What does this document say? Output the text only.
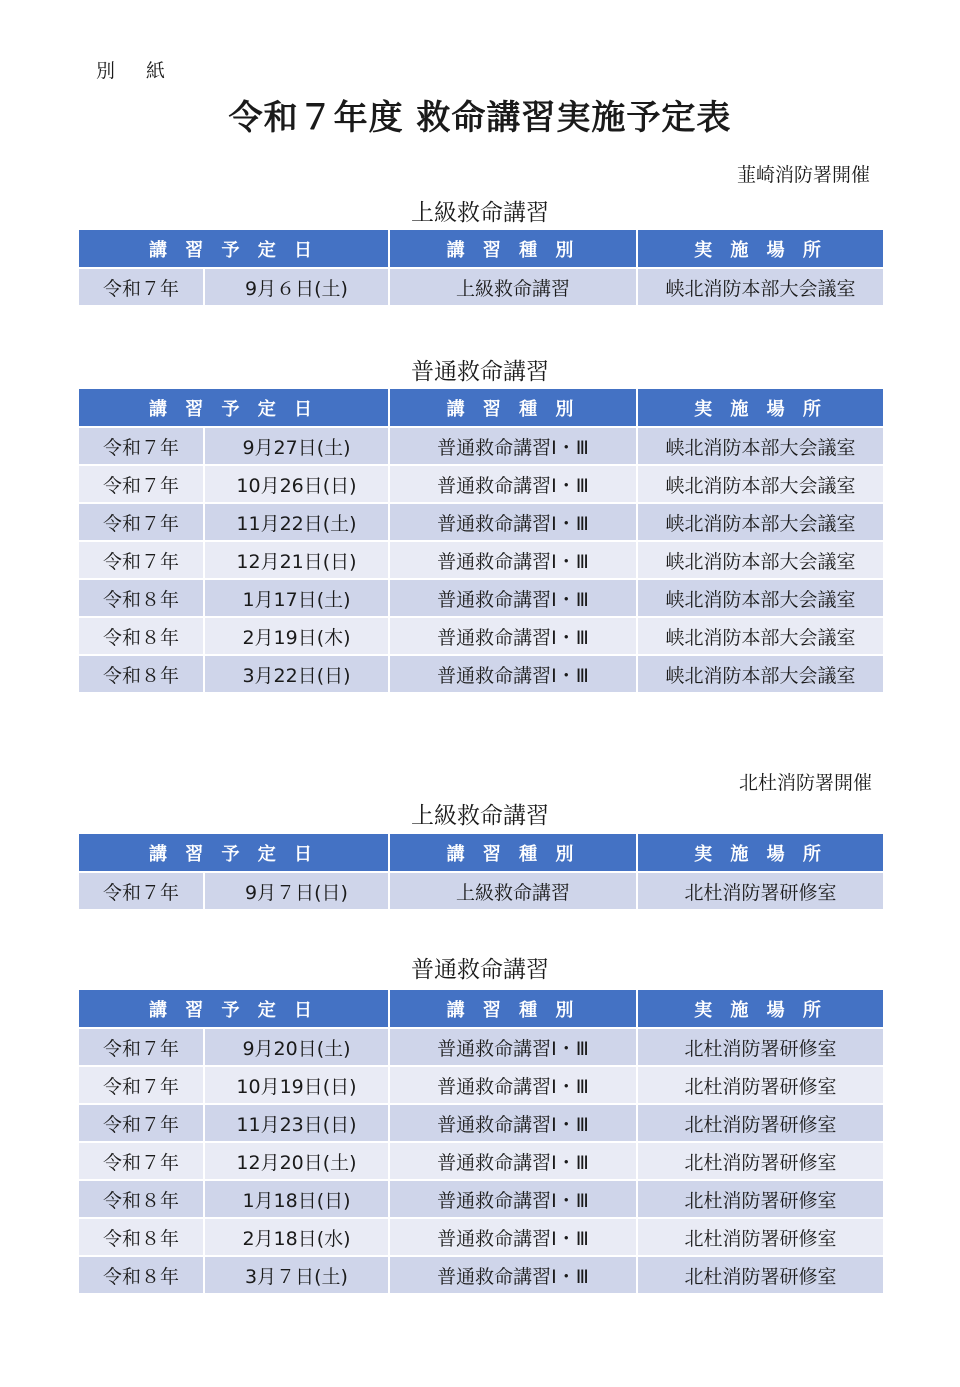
別　紙
令和７年度 救命講習実施予定表
韮崎消防署開催
上級救命講習
講 習 予 定 日		講 習 種 別	実 施 場 所
令和７年	9月６日(土)	上級救命講習	峡北消防本部大会議室
普通救命講習
講 習 予 定 日		講 習 種 別	実 施 場 所
令和７年	9月27日(土)	普通救命講習Ⅰ・Ⅲ	峡北消防本部大会議室
令和７年	10月26日(日)	普通救命講習Ⅰ・Ⅲ	峡北消防本部大会議室
令和７年	11月22日(土)	普通救命講習Ⅰ・Ⅲ	峡北消防本部大会議室
令和７年	12月21日(日)	普通救命講習Ⅰ・Ⅲ	峡北消防本部大会議室
令和８年	1月17日(土)	普通救命講習Ⅰ・Ⅲ	峡北消防本部大会議室
令和８年	2月19日(木)	普通救命講習Ⅰ・Ⅲ	峡北消防本部大会議室
令和８年	3月22日(日)	普通救命講習Ⅰ・Ⅲ	峡北消防本部大会議室
北杜消防署開催
上級救命講習
講 習 予 定 日		講 習 種 別	実 施 場 所
令和７年	9月７日(日)	上級救命講習	北杜消防署研修室
普通救命講習
講 習 予 定 日		講 習 種 別	実 施 場 所
令和７年	9月20日(土)	普通救命講習Ⅰ・Ⅲ	北杜消防署研修室
令和７年	10月19日(日)	普通救命講習Ⅰ・Ⅲ	北杜消防署研修室
令和７年	11月23日(日)	普通救命講習Ⅰ・Ⅲ	北杜消防署研修室
令和７年	12月20日(土)	普通救命講習Ⅰ・Ⅲ	北杜消防署研修室
令和８年	1月18日(日)	普通救命講習Ⅰ・Ⅲ	北杜消防署研修室
令和８年	2月18日(水)	普通救命講習Ⅰ・Ⅲ	北杜消防署研修室
令和８年	3月７日(土)	普通救命講習Ⅰ・Ⅲ	北杜消防署研修室
